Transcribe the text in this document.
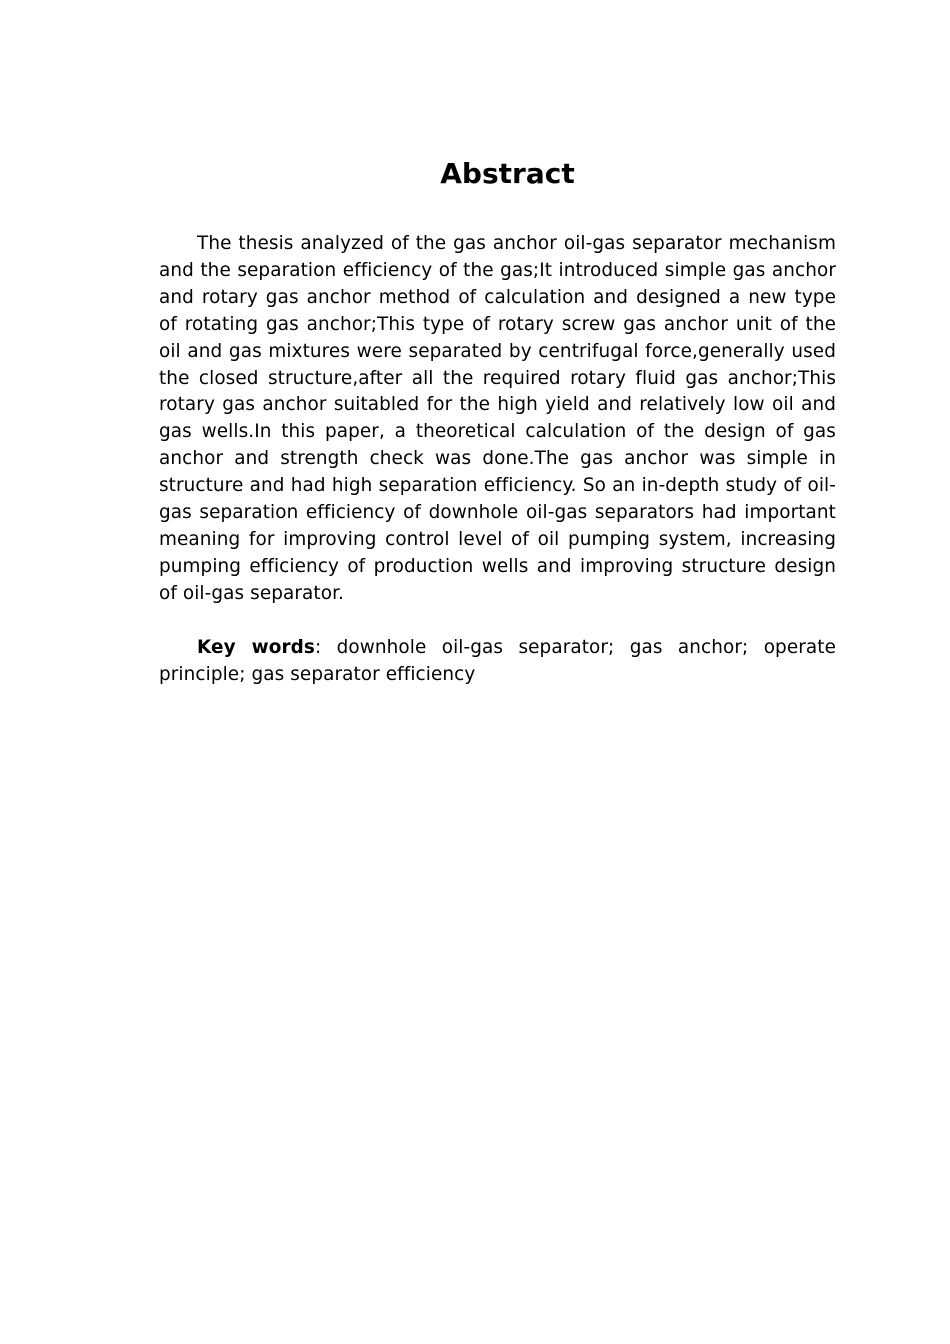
Abstract

The thesis analyzed of the gas anchor oil-gas separator mechanism and the separation efficiency of the gas;It introduced simple gas anchor and rotary gas anchor method of calculation and designed a new type of rotating gas anchor;This type of rotary screw gas anchor unit of the oil and gas mixtures were separated by centrifugal force,generally used the closed structure,after all the required rotary fluid gas anchor;This rotary gas anchor suitabled for the high yield and relatively low oil and gas wells.In this paper, a theoretical calculation of the design of gas anchor and strength check was done.The gas anchor was simple in structure and had high separation efficiency. So an in-depth study of oil-gas separation efficiency of downhole oil-gas separators had important meaning for improving control level of oil pumping system, increasing pumping efficiency of production wells and improving structure design of oil-gas separator.

Key words: downhole oil-gas separator; gas anchor; operate principle; gas separator efficiency
